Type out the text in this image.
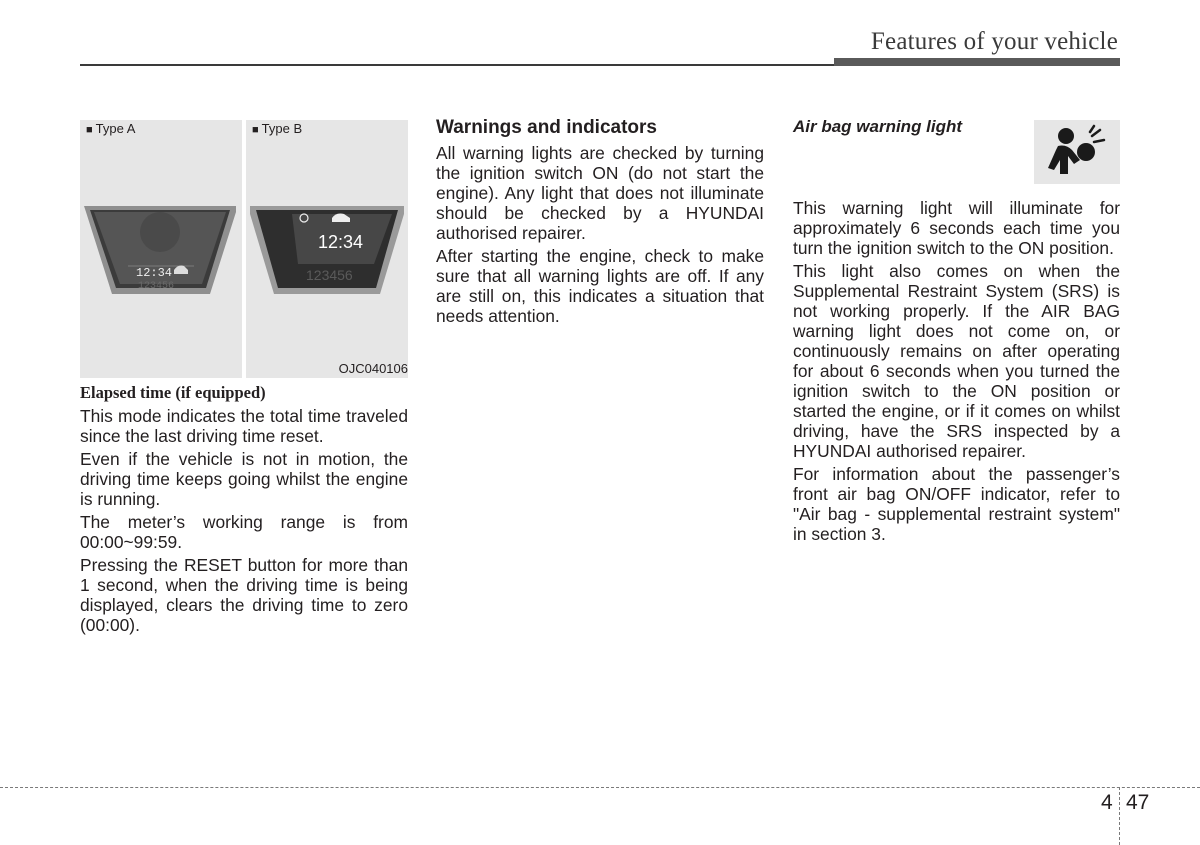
Features of your vehicle
■ Type A
12:34
123456
■ Type B
12:34
123456
OJC040106

Elapsed time (if equipped)

This mode indicates the total time traveled since the last driving time reset.

Even if the vehicle is not in motion, the driving time keeps going whilst the engine is running.

The meter’s working range is from 00:00~99:59.

Pressing the RESET button for more than 1 second, when the driving time is being displayed, clears the driving time to zero (00:00).

Warnings and indicators

All warning lights are checked by turning the ignition switch ON (do not start the engine). Any light that does not illuminate should be checked by a HYUNDAI authorised repairer.

After starting the engine, check to make sure that all warning lights are off. If any are still on, this indicates a situation that needs attention.

Air bag warning light

This warning light will illuminate for approximately 6 seconds each time you turn the ignition switch to the ON position.

This light also comes on when the Supplemental Restraint System (SRS) is not working properly. If the AIR BAG warning light does not come on, or continuously remains on after operating for about 6 seconds when you turned the ignition switch to the ON position or started the engine, or if it comes on whilst driving, have the SRS inspected by a HYUNDAI authorised repairer.

For information about the passenger’s front air bag ON/OFF indicator, refer to "Air bag - supplemental restraint system" in section 3.

4 47
